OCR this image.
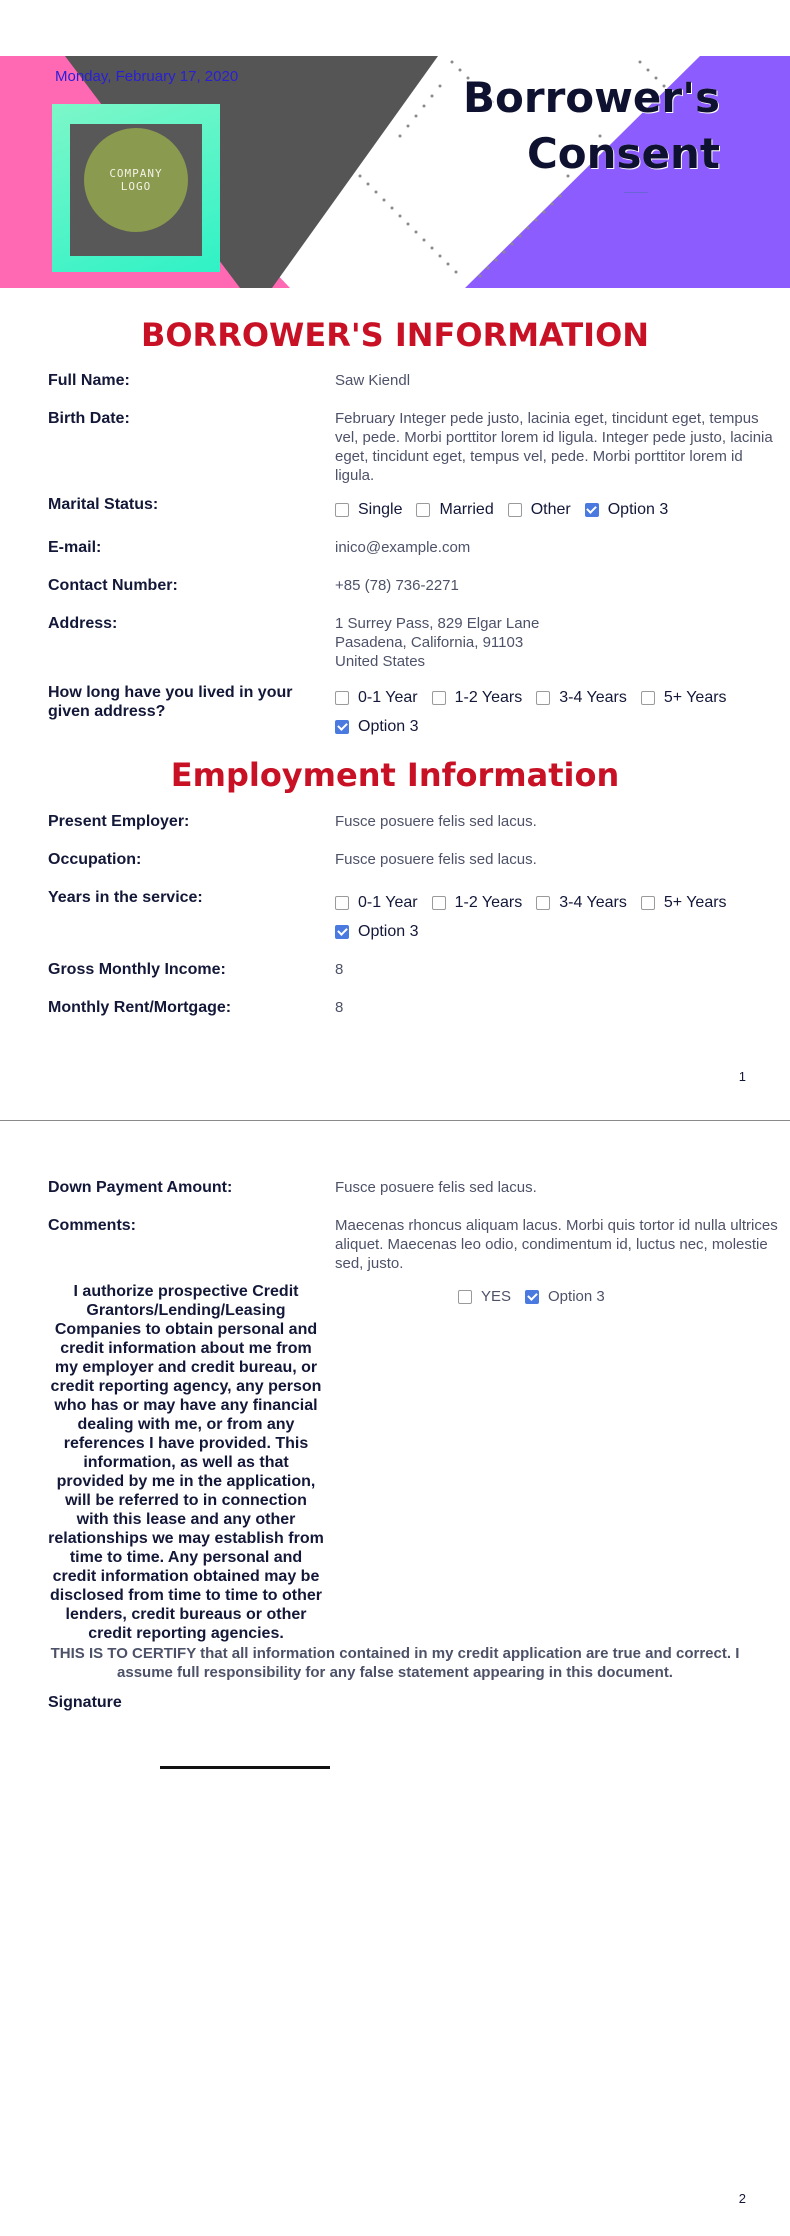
Monday, February 17, 2020
COMPANY
LOGO
Borrower's
Consent
BORROWER'S INFORMATION
Full Name:	Saw Kiendl
Birth Date:	February Integer pede justo, lacinia eget, tincidunt eget, tempus vel, pede. Morbi porttitor lorem id ligula. Integer pede justo, lacinia eget, tincidunt eget, tempus vel, pede. Morbi porttitor lorem id ligula.
Marital Status:	Single Married Other Option 3
E-mail:	inico@example.com
Contact Number:	+85 (78) 736-2271
Address:	1 Surrey Pass, 829 Elgar Lane
Pasadena, California, 91103
United States
How long have you lived in your given address?
0-1 Year 1-2 Years 3-4 Years 5+ Years
Option 3
Employment Information
Present Employer:	Fusce posuere felis sed lacus.
Occupation:	Fusce posuere felis sed lacus.
Years in the service:	0-1 Year 1-2 Years 3-4 Years 5+ Years
Option 3
Gross Monthly Income:	8
Monthly Rent/Mortgage:	8
1
2
Down Payment Amount:	Fusce posuere felis sed lacus.
Comments:	Maecenas rhoncus aliquam lacus. Morbi quis tortor id nulla ultrices aliquet. Maecenas leo odio, condimentum id, luctus nec, molestie sed, justo.
I authorize prospective Credit Grantors/Lending/Leasing Companies to obtain personal and credit information about me from my employer and credit bureau, or credit reporting agency, any person who has or may have any financial dealing with me, or from any references I have provided. This information, as well as that provided by me in the application, will be referred to in connection with this lease and any other relationships we may establish from time to time. Any personal and credit information obtained may be disclosed from time to time to other lenders, credit bureaus or other credit reporting agencies.
YES Option 3
THIS IS TO CERTIFY that all information contained in my credit application are true and correct. I assume full responsibility for any false statement appearing in this document.
Signature
